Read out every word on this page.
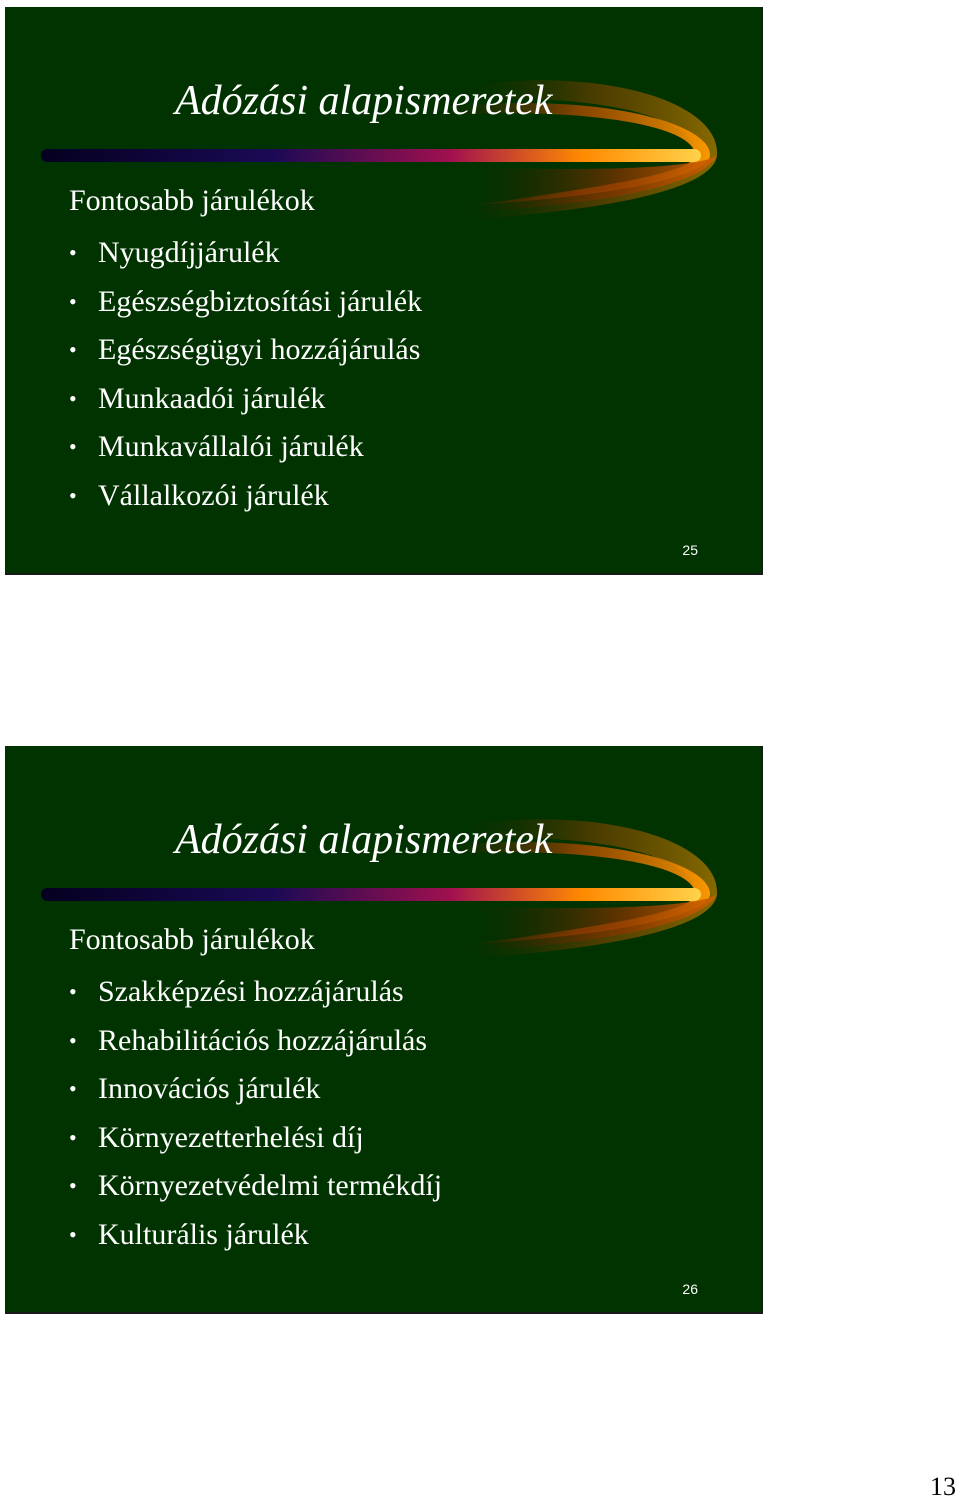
Adózási alapismeretek
Fontosabb járulékok
• Nyugdíjjárulék
• Egészségbiztosítási járulék
• Egészségügyi hozzájárulás
• Munkaadói járulék
• Munkavállalói járulék
• Vállalkozói járulék
25
Adózási alapismeretek
Fontosabb járulékok
• Szakképzési hozzájárulás
• Rehabilitációs hozzájárulás
• Innovációs járulék
• Környezetterhelési díj
• Környezetvédelmi termékdíj
• Kulturális járulék
26
13
